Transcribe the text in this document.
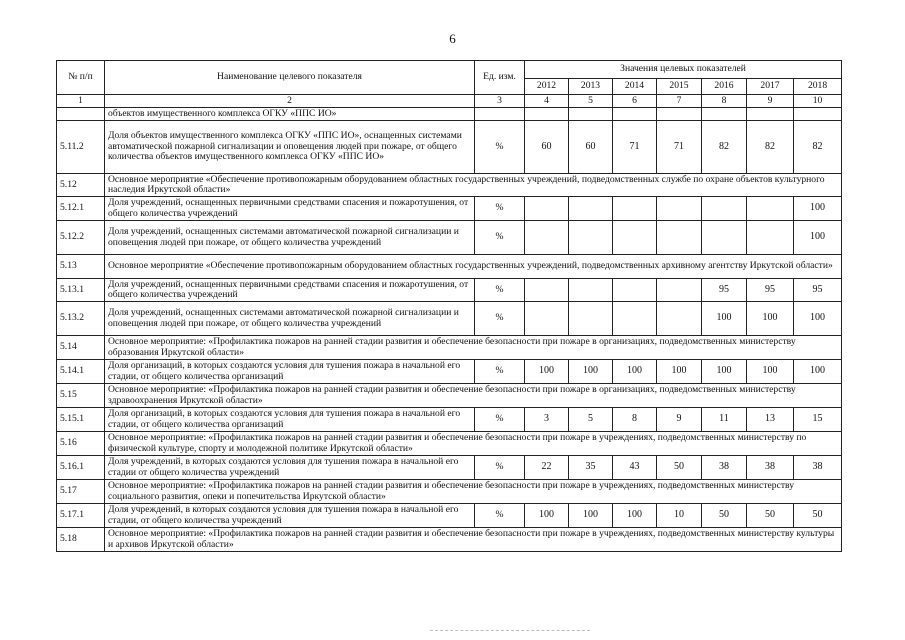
6
№ п/п	Наименование целевого показателя	Ед. изм.	Значения целевых показателей						
			2012	2013	2014	2015	2016	2017	2018
1	2	3	4	5	6	7	8	9	10
	объектов имущественного комплекса ОГКУ «ППС ИО»								
5.11.2	Доля объектов имущественного комплекса ОГКУ «ППС ИО», оснащенных системами автоматической пожарной сигнализации и оповещения людей при пожаре, от общего количества объектов имущественного комплекса ОГКУ «ППС ИО»	%	60	60	71	71	82	82	82
5.12	Основное мероприятие «Обеспечение противопожарным оборудованием областных государственных учреждений, подведомственных службе по охране объектов культурного наследия Иркутской области»								
5.12.1	Доля учреждений, оснащенных первичными средствами спасения и пожаротушения, от общего количества учреждений	%							100
5.12.2	Доля учреждений, оснащенных системами автоматической пожарной сигнализации и оповещения людей при пожаре, от общего количества учреждений	%							100
5.13	Основное мероприятие «Обеспечение противопожарным оборудованием областных государственных учреждений, подведомственных архивному агентству Иркутской области»								
5.13.1	Доля учреждений, оснащенных первичными средствами спасения и пожаротушения, от общего количества учреждений	%					95	95	95
5.13.2	Доля учреждений, оснащенных системами автоматической пожарной сигнализации и оповещения людей при пожаре, от общего количества учреждений	%					100	100	100
5.14	Основное мероприятие: «Профилактика пожаров на ранней стадии развития и обеспечение безопасности при пожаре в организациях, подведомственных министерству образования Иркутской области»								
5.14.1	Доля организаций, в которых создаются условия для тушения пожара в начальной его стадии, от общего количества организаций	%	100	100	100	100	100	100	100
5.15	Основное мероприятие: «Профилактика пожаров на ранней стадии развития и обеспечение безопасности при пожаре в организациях, подведомственных министерству здравоохранения Иркутской области»								
5.15.1	Доля организаций, в которых создаются условия для тушения пожара в начальной его стадии, от общего количества организаций	%	3	5	8	9	11	13	15
5.16	Основное мероприятие: «Профилактика пожаров на ранней стадии развития и обеспечение безопасности при пожаре в учреждениях, подведомственных министерству по физической культуре, спорту и молодежной политике Иркутской области»								
5.16.1	Доля учреждений, в которых создаются условия для тушения пожара в начальной его стадии от общего количества учреждений	%	22	35	43	50	38	38	38
5.17	Основное мероприятие: «Профилактика пожаров на ранней стадии развития и обеспечение безопасности при пожаре в учреждениях, подведомственных министерству социального развития, опеки и попечительства Иркутской области»								
5.17.1	Доля учреждений, в которых создаются условия для тушения пожара в начальной его стадии, от общего количества учреждений	%	100	100	100	10	50	50	50
5.18	Основное мероприятие: «Профилактика пожаров на ранней стадии развития и обеспечение безопасности при пожаре в учреждениях, подведомственных министерству культуры и архивов Иркутской области»								
